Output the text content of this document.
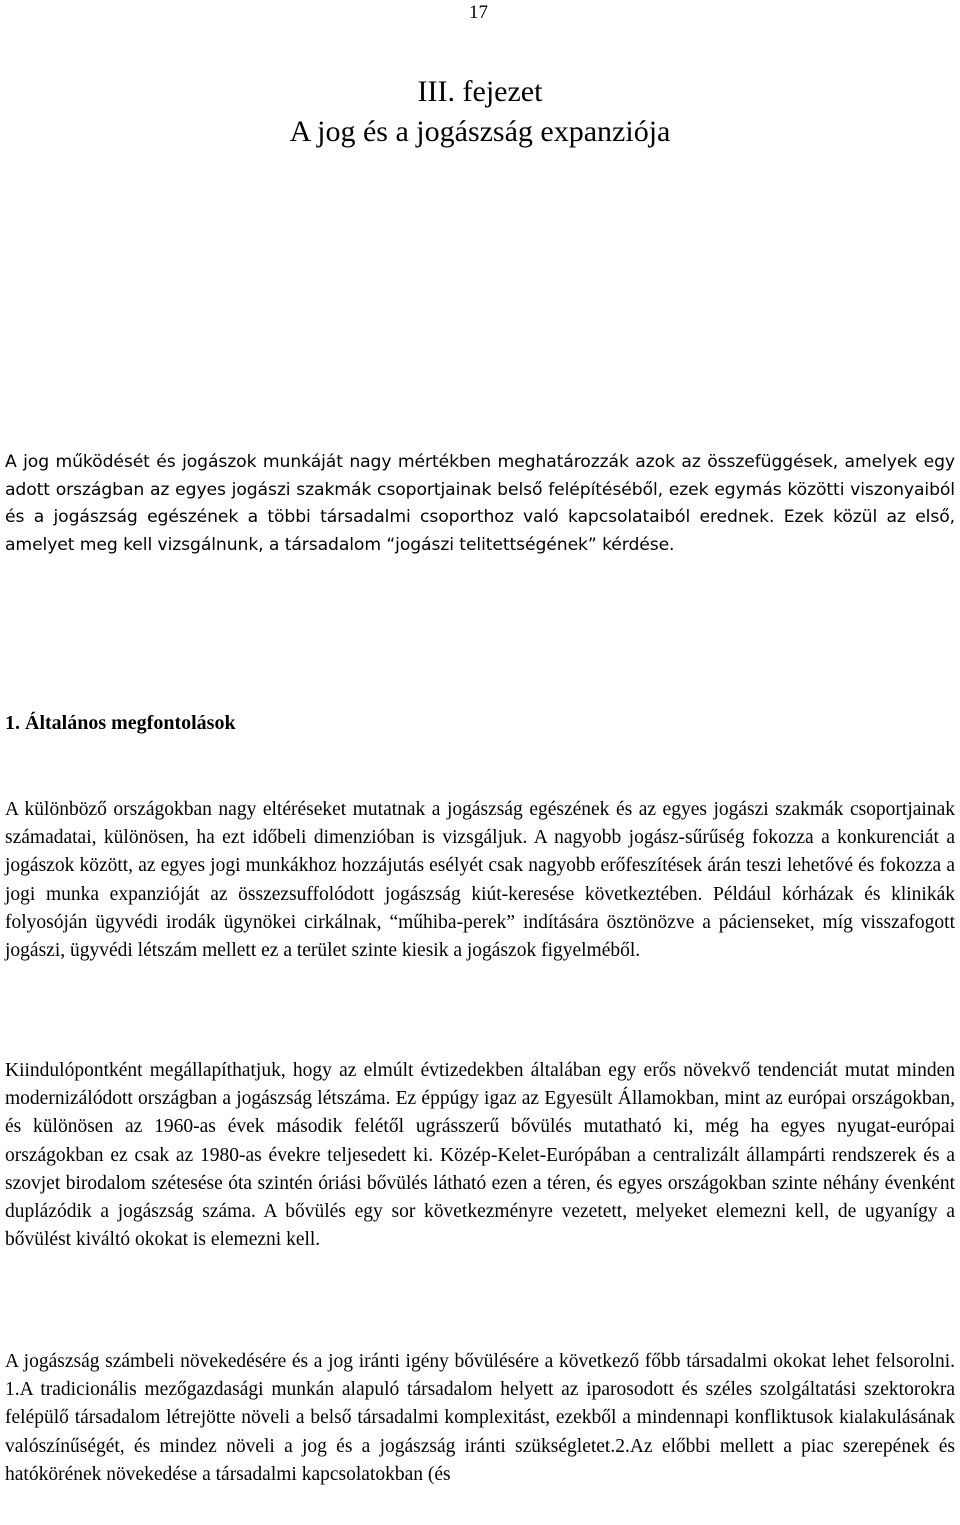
17
III. fejezet
A jog és a jogászság expanziója

A jog működését és jogászok munkáját nagy mértékben meghatározzák azok az összefüggések, amelyek egy adott országban az egyes jogászi szakmák csoportjainak belső felépítéséből, ezek egymás közötti viszonyaiból és a jogászság egészének a többi társadalmi csoporthoz való kapcsolataiból erednek. Ezek közül az első, amelyet meg kell vizsgálnunk, a társadalom “jogászi telitettségének” kérdése.

1. Általános megfontolások

A különböző országokban nagy eltéréseket mutatnak a jogászság egészének és az egyes jogászi szakmák csoportjainak számadatai, különösen, ha ezt időbeli dimenzióban is vizsgáljuk. A nagyobb jogász-sűrűség fokozza a konkurenciát a jogászok között, az egyes jogi munkákhoz hozzájutás esélyét csak nagyobb erőfeszítések árán teszi lehetővé és fokozza a jogi munka expanzióját az összezsuffolódott jogászság kiút-keresése következtében. Például kórházak és klinikák folyosóján ügyvédi irodák ügynökei cirkálnak, “műhiba-perek” indítására ösztönözve a pácienseket, míg visszafogott jogászi, ügyvédi létszám mellett ez a terület szinte kiesik a jogászok figyelméből.

Kiindulópontként megállapíthatjuk, hogy az elmúlt évtizedekben általában egy erős növekvő tendenciát mutat minden modernizálódott országban a jogászság létszáma. Ez éppúgy igaz az Egyesült Államokban, mint az európai országokban, és különösen az 1960-as évek második felétől ugrásszerű bővülés mutatható ki, még ha egyes nyugat-európai országokban ez csak az 1980-as évekre teljesedett ki. Közép-Kelet-Európában a centralizált állampárti rendszerek és a szovjet birodalom szétesése óta szintén óriási bővülés látható ezen a téren, és egyes országokban szinte néhány évenként duplázódik a jogászság száma. A bővülés egy sor következményre vezetett, melyeket elemezni kell, de ugyanígy a bővülést kiváltó okokat is elemezni kell.

A jogászság számbeli növekedésére és a jog iránti igény bővülésére a következő főbb társadalmi okokat lehet felsorolni. 1.A tradicionális mezőgazdasági munkán alapuló társadalom helyett az iparosodott és széles szolgáltatási szektorokra felépülő társadalom létrejötte növeli a belső társadalmi komplexitást, ezekből a mindennapi konfliktusok kialakulásának valószínűségét, és mindez növeli a jog és a jogászság iránti szükségletet.2.Az előbbi mellett a piac szerepének és hatókörének növekedése a társadalmi kapcsolatokban (és
